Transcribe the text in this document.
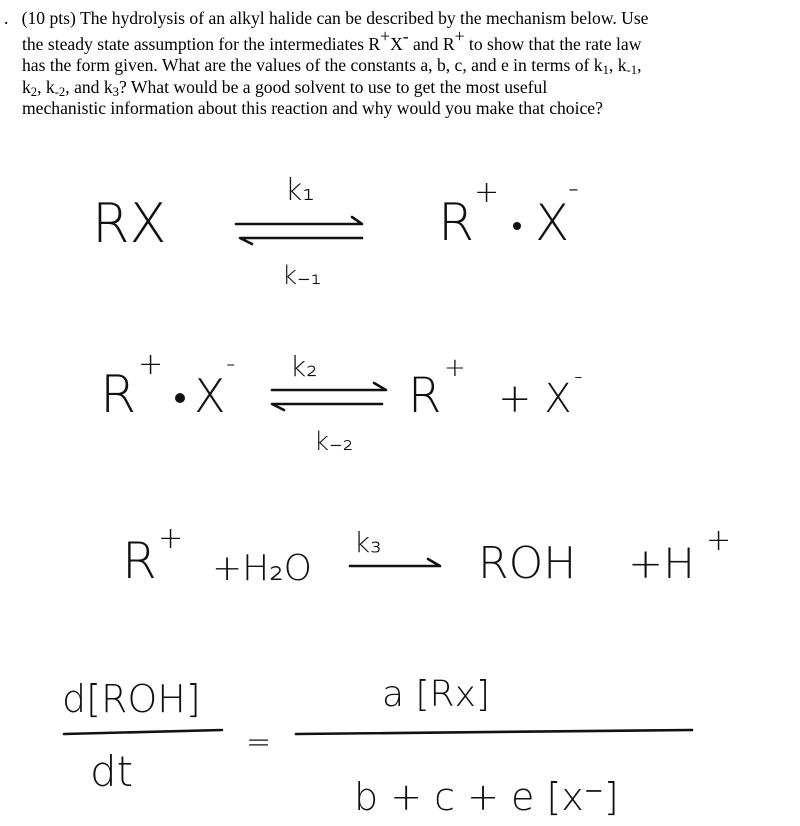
. (10 pts) The hydrolysis of an alkyl halide can be described by the mechanism below. Use
the steady state assumption for the intermediates R+X- and R+ to show that the rate law
has the form given. What are the values of the constants a, b, c, and e in terms of k1, k-1,
k2, k-2, and k3? What would be a good solvent to use to get the most useful
mechanistic information about this reaction and why would you make that choice?
RX
k₁
k₋₁
R
+
X
-
R
+
X
- k₂
k₋₂
R +
+ X -
R +
+H₂O
k₃ ROH +H +
d[ROH]
dt
=
a [Rx]
b + c + e [x⁻]
